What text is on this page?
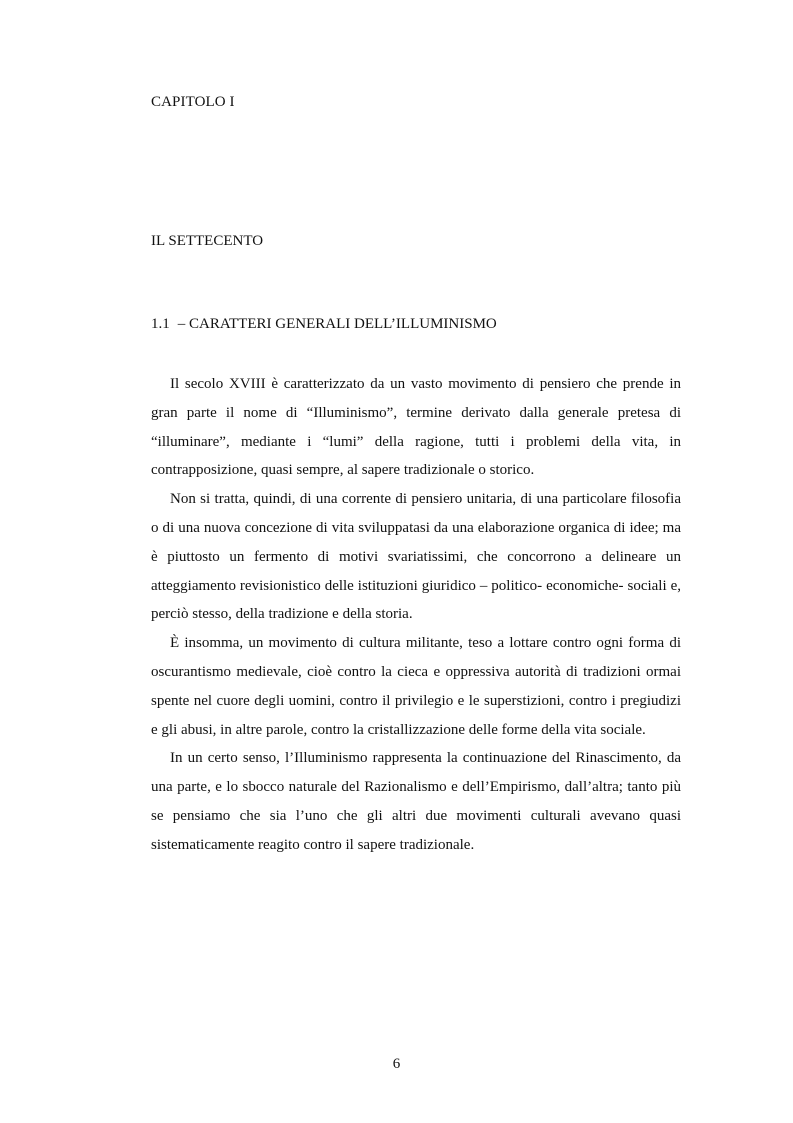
CAPITOLO I
IL SETTECENTO
1.1 – CARATTERI GENERALI DELL’ILLUMINISMO

Il secolo XVIII è caratterizzato da un vasto movimento di pensiero che prende in gran parte il nome di “Illuminismo”, termine derivato dalla generale pretesa di “illuminare”, mediante i “lumi” della ragione, tutti i problemi della vita, in contrapposizione, quasi sempre, al sapere tradizionale o storico.

Non si tratta, quindi, di una corrente di pensiero unitaria, di una particolare filosofia o di una nuova concezione di vita sviluppatasi da una elaborazione organica di idee; ma è piuttosto un fermento di motivi svariatissimi, che concorrono a delineare un atteggiamento revisionistico delle istituzioni giuridico – politico- economiche- sociali e, perciò stesso, della tradizione e della storia.

È insomma, un movimento di cultura militante, teso a lottare contro ogni forma di oscurantismo medievale, cioè contro la cieca e oppressiva autorità di tradizioni ormai spente nel cuore degli uomini, contro il privilegio e le superstizioni, contro i pregiudizi e gli abusi, in altre parole, contro la cristallizzazione delle forme della vita sociale.

In un certo senso, l’Illuminismo rappresenta la continuazione del Rinascimento, da una parte, e lo sbocco naturale del Razionalismo e dell’Empirismo, dall’altra; tanto più se pensiamo che sia l’uno che gli altri due movimenti culturali avevano quasi sistematicamente reagito contro il sapere tradizionale.

6
